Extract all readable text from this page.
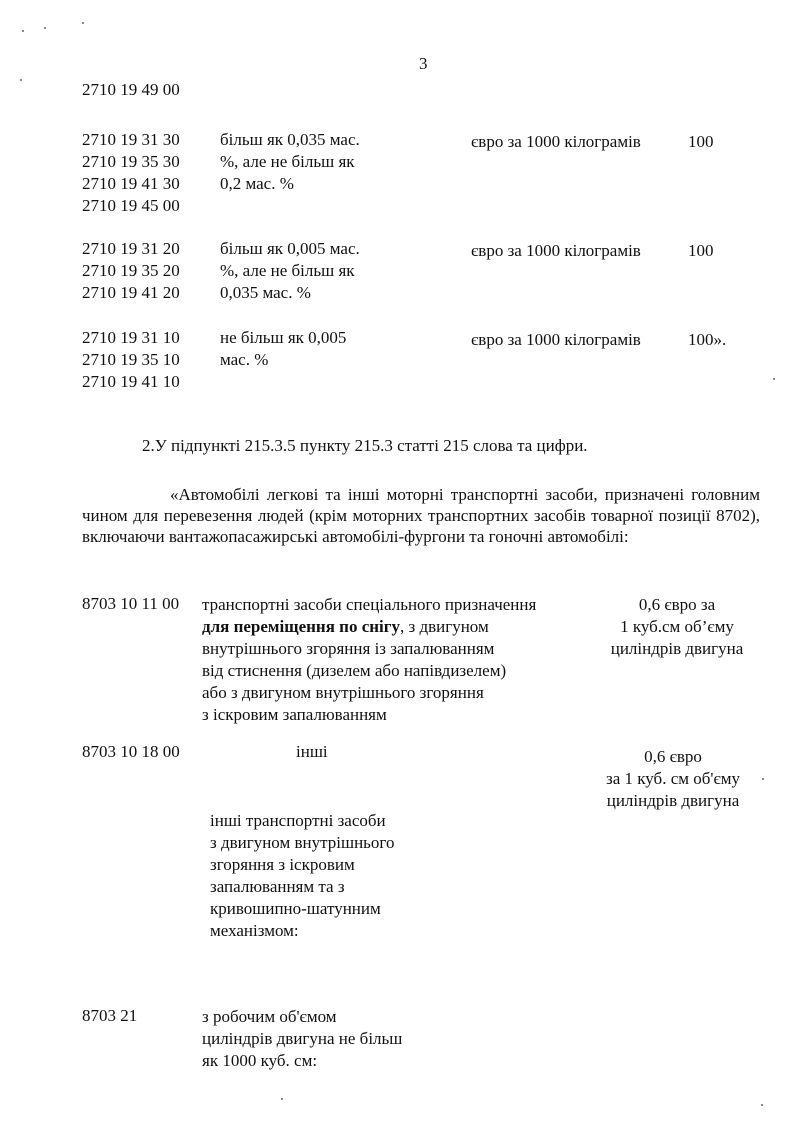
3
2710 19 49 00
2710 19 31 30
2710 19 35 30
2710 19 41 30
2710 19 45 00
більш як 0,035 мас.
%, але не більш як
0,2 мас. %
євро за 1000 кілограмів	100
2710 19 31 20
2710 19 35 20
2710 19 41 20
більш як 0,005 мас.
%, але не більш як
0,035 мас. %
євро за 1000 кілограмів	100
2710 19 31 10
2710 19 35 10
2710 19 41 10
не більш як 0,005
мас. %
євро за 1000 кілограмів	100».
2.У підпункті 215.3.5 пункту 215.3 статті 215 слова та цифри.
«Автомобілі легкові та інші моторні транспортні засоби, призначені головним чином для перевезення людей (крім моторних транспортних засобів товарної позиції 8702), включаючи вантажопасажирські автомобілі-фургони та гоночні автомобілі:
8703 10 11 00 транспортні засоби спеціального призначення
для переміщення по снігу, з двигуном
внутрішнього згоряння із запалюванням
від стиснення (дизелем або напівдизелем)
або з двигуном внутрішнього згоряння
з іскровим запалюванням
0,6 євро за
1 куб.см об’єму
циліндрів двигуна
8703 10 18 00	інші	0,6 євро
за 1 куб. см об'єму
циліндрів двигуна
інші транспортні засоби
з двигуном внутрішнього
згоряння з іскровим
запалюванням та з
кривошипно-шатунним
механізмом:
8703 21	з робочим об'ємом
циліндрів двигуна не більш
як 1000 куб. см:
